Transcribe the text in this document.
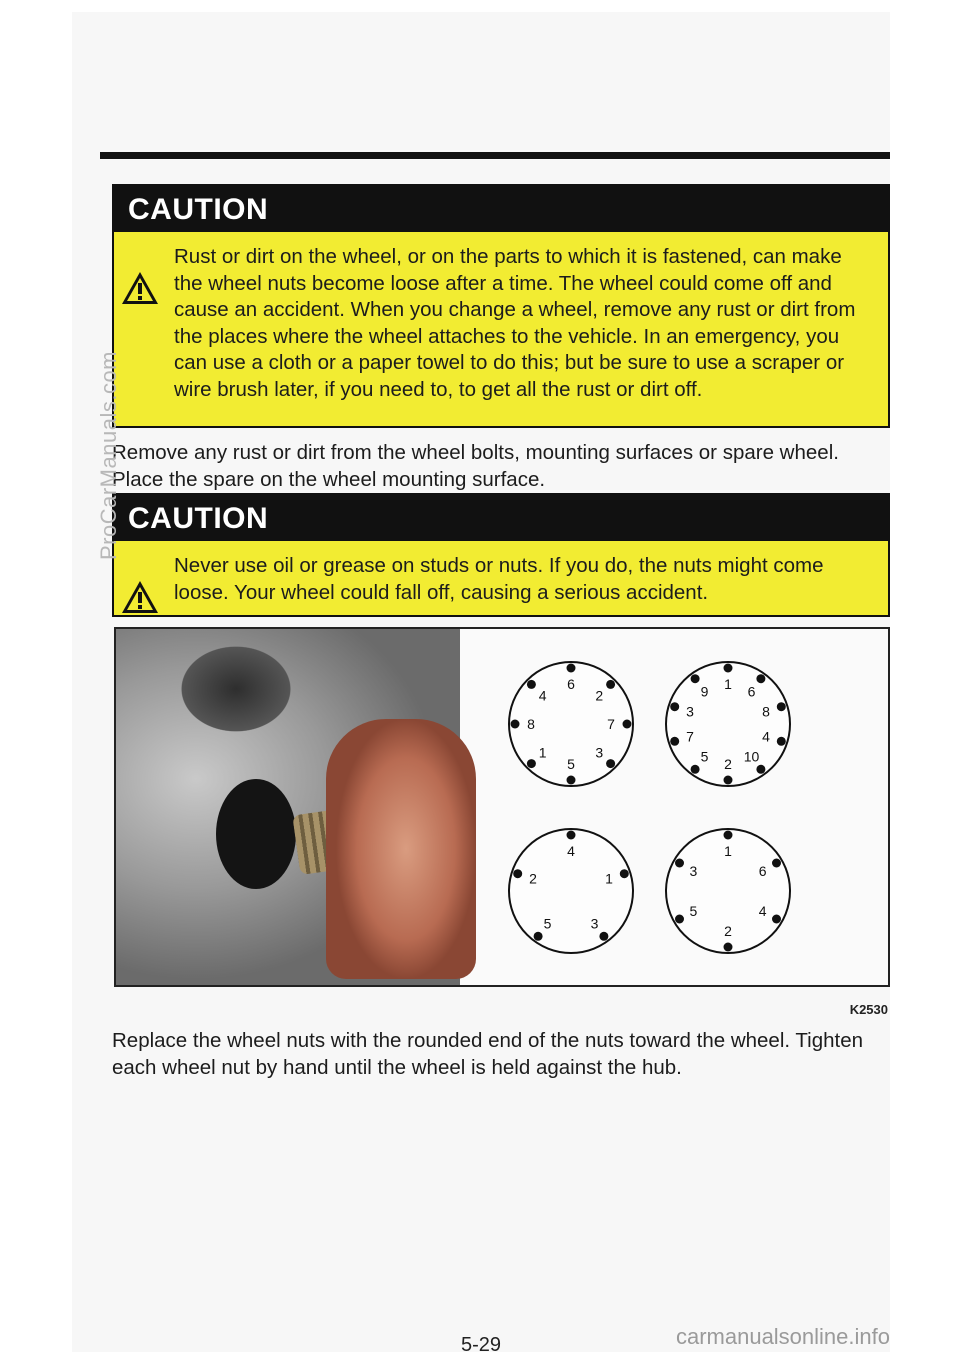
CAUTION
Rust or dirt on the wheel, or on the parts to which it is fastened, can make the wheel nuts become loose after a time. The wheel could come off and cause an accident. When you change a wheel, remove any rust or dirt from the places where the wheel attaches to the vehicle. In an emergency, you can use a cloth or a paper towel to do this; but be sure to use a scraper or wire brush later, if you need to, to get all the rust or dirt off.
Remove any rust or dirt from the wheel bolts, mounting surfaces or spare wheel. Place the spare on the wheel mounting surface.
CAUTION
Never use oil or grease on studs or nuts. If you do, the nuts might come loose. Your wheel could fall off, causing a serious accident.
6
2
7
3
5
1
8
4
1 6
8
4
10
2
5
7
3
9
4
1
3
5
2
1
6
4
2
5
3
K2530
Replace the wheel nuts with the rounded end of the nuts toward the wheel. Tighten each wheel nut by hand until the wheel is held against the hub.
5-29	carmanualsonline.info
ProCarManuals.com
